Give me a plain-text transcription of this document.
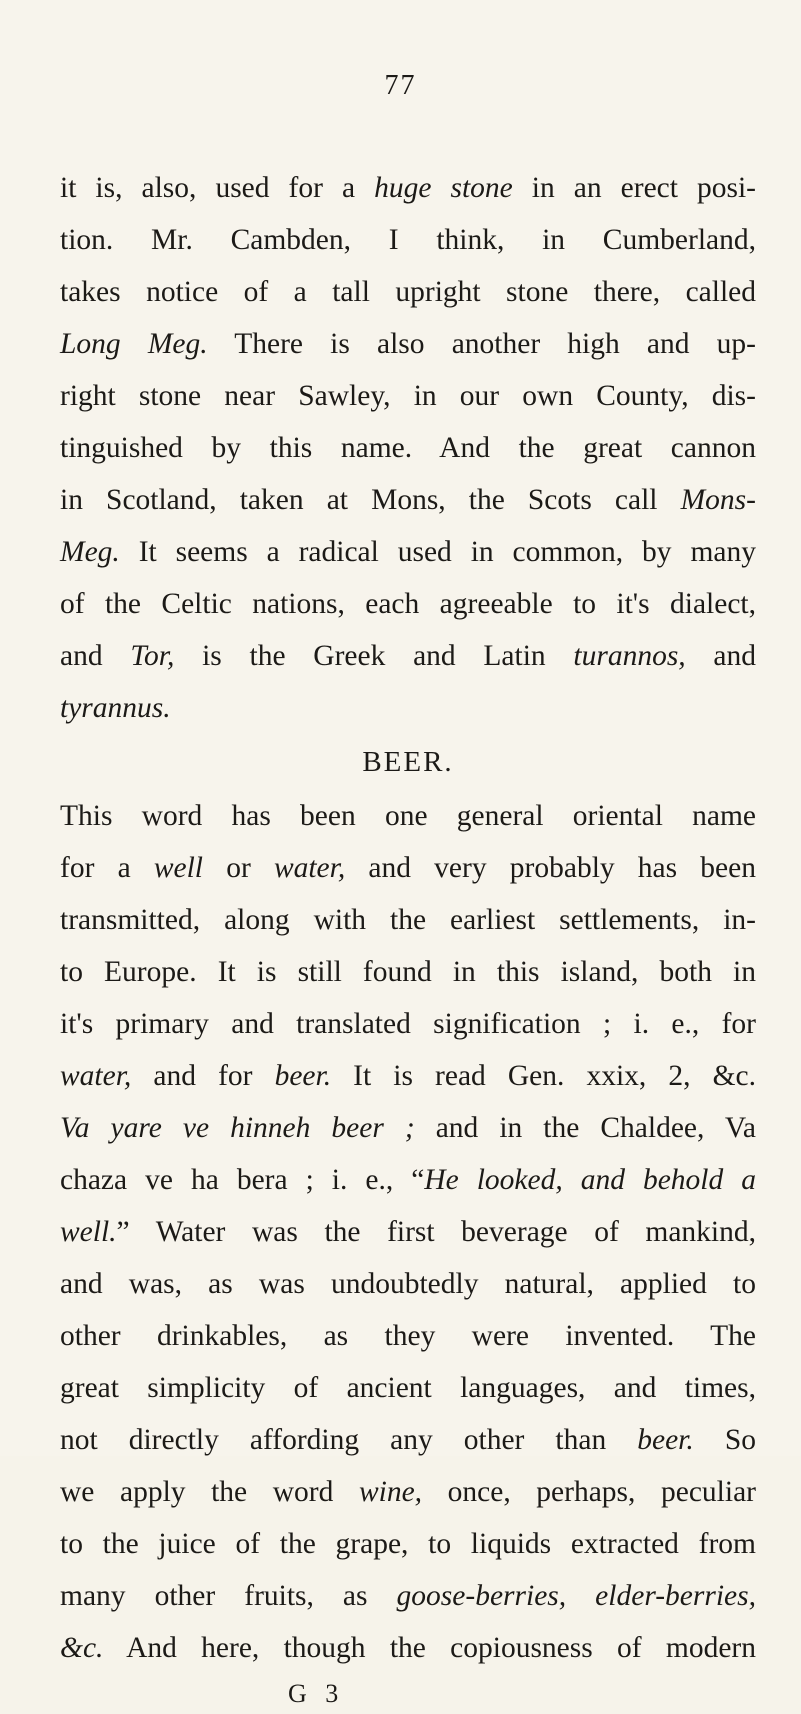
77
it is, also, used for a huge stone in an erect posi-
tion. Mr. Cambden, I think, in Cumberland,
takes notice of a tall upright stone there, called
Long Meg. There is also another high and up-
right stone near Sawley, in our own County, dis-
tinguished by this name. And the great cannon
in Scotland, taken at Mons, the Scots call Mons-
Meg. It seems a radical used in common, by many
of the Celtic nations, each agreeable to it's dialect,
and Tor, is the Greek and Latin turannos, and
tyrannus.
BEER.
This word has been one general oriental name
for a well or water, and very probably has been
transmitted, along with the earliest settlements, in-
to Europe. It is still found in this island, both in
it's primary and translated signification ; i. e., for
water, and for beer. It is read Gen. xxix, 2, &c.
Va yare ve hinneh beer ; and in the Chaldee, Va
chaza ve ha bera ; i. e., “He looked, and behold a
well.” Water was the first beverage of mankind,
and was, as was undoubtedly natural, applied to
other drinkables, as they were invented. The
great simplicity of ancient languages, and times,
not directly affording any other than beer. So
we apply the word wine, once, perhaps, peculiar
to the juice of the grape, to liquids extracted from
many other fruits, as goose-berries, elder-berries,
&c. And here, though the copiousness of modern
G 3
